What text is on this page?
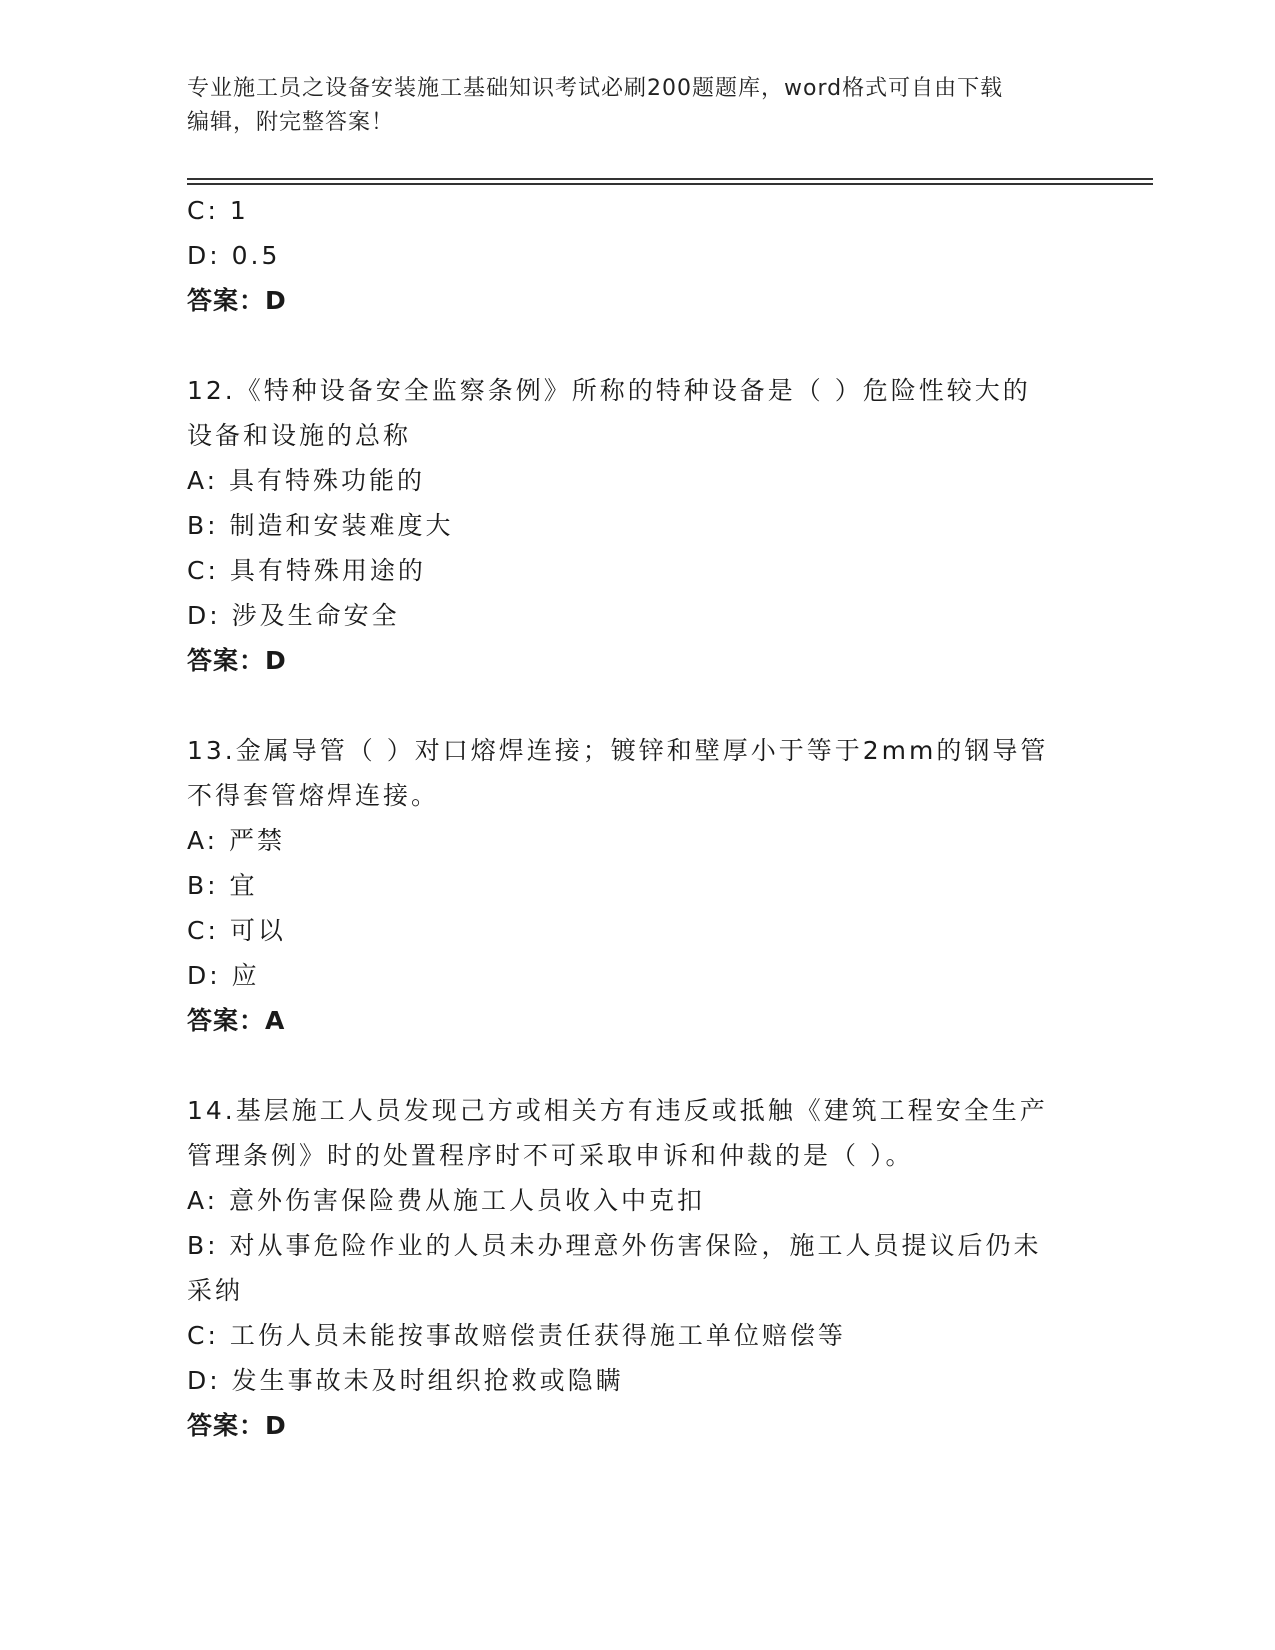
专业施工员之设备安装施工基础知识考试必刷200题题库，word格式可自由下载
编辑，附完整答案！
C: 1
D: 0.5
答案：D
12.《特种设备安全监察条例》所称的特种设备是（ ）危险性较大的
设备和设施的总称
A: 具有特殊功能的
B: 制造和安装难度大
C: 具有特殊用途的
D: 涉及生命安全
答案：D
13.金属导管（ ）对口熔焊连接；镀锌和壁厚小于等于2mm的钢导管
不得套管熔焊连接。
A: 严禁
B: 宜
C: 可以
D: 应
答案：A
14.基层施工人员发现己方或相关方有违反或抵触《建筑工程安全生产
管理条例》时的处置程序时不可采取申诉和仲裁的是（ ）。
A: 意外伤害保险费从施工人员收入中克扣
B: 对从事危险作业的人员未办理意外伤害保险，施工人员提议后仍未
采纳
C: 工伤人员未能按事故赔偿责任获得施工单位赔偿等
D: 发生事故未及时组织抢救或隐瞒
答案：D
